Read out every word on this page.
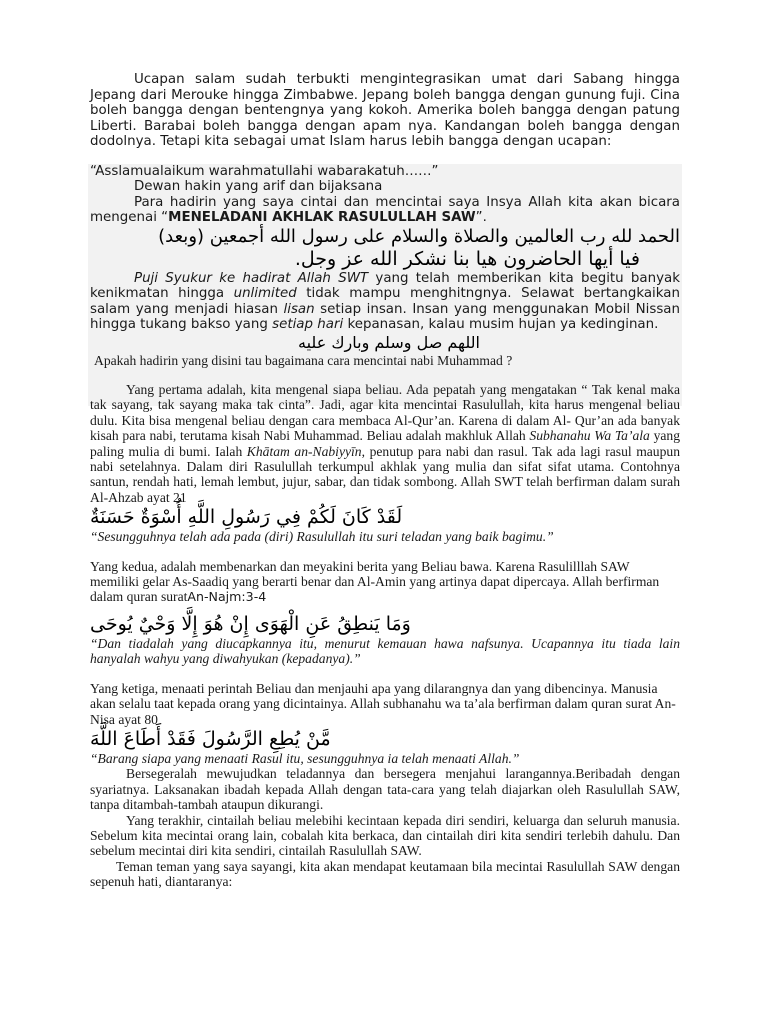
Ucapan salam sudah terbukti mengintegrasikan umat dari Sabang hingga Jepang dari Merouke hingga Zimbabwe. Jepang boleh bangga dengan gunung fuji. Cina boleh bangga dengan bentengnya yang kokoh. Amerika boleh bangga dengan patung Liberti. Barabai boleh bangga dengan apam nya. Kandangan boleh bangga dengan dodolnya. Tetapi kita sebagai umat Islam harus lebih bangga dengan ucapan:

“Asslamualaikum warahmatullahi wabarakatuh……”

Dewan hakin yang arif dan bijaksana

Para hadirin yang saya cintai dan mencintai saya Insya Allah kita akan bicara mengenai “MENELADANI AKHLAK RASULULLAH SAW”.

الحمد لله رب العالمين والصلاة والسلام على رسول الله أجمعين (وبعد)

فيا أيها الحاضرون هيا بنا نشكر الله عز وجل.

Puji Syukur ke hadirat Allah SWT yang telah memberikan kita begitu banyak kenikmatan hingga unlimited tidak mampu menghitngnya. Selawat bertangkaikan salam yang menjadi hiasan lisan setiap insan. Insan yang menggunakan Mobil Nissan hingga tukang bakso yang setiap hari kepanasan, kalau musim hujan ya kedinginan.

اللهم صل وسلم وبارك عليه

Apakah hadirin yang disini tau bagaimana cara mencintai nabi Muhammad ?

Yang pertama adalah, kita mengenal siapa beliau. Ada pepatah yang mengatakan “ Tak kenal maka tak sayang, tak sayang maka tak cinta”. Jadi, agar kita mencintai Rasulullah, kita harus mengenal beliau dulu. Kita bisa mengenal beliau dengan cara membaca Al-Qur’an. Karena di dalam Al- Qur’an ada banyak kisah para nabi, terutama kisah Nabi Muhammad. Beliau adalah makhluk Allah Subhanahu Wa Ta’ala yang paling mulia di bumi. Ialah Khātam an-Nabiyyīn, penutup para nabi dan rasul. Tak ada lagi rasul maupun nabi setelahnya. Dalam diri Rasulullah terkumpul akhlak yang mulia dan sifat sifat utama. Contohnya santun, rendah hati, lemah lembut, jujur, sabar, dan tidak sombong. Allah SWT telah berfirman dalam surah Al-Ahzab ayat 21

لَقَدْ كَانَ لَكُمْ فِي رَسُولِ اللَّهِ أُسْوَةٌ حَسَنَةٌ

“Sesungguhnya telah ada pada (diri) Rasulullah itu suri teladan yang baik bagimu.”

Yang kedua, adalah membenarkan dan meyakini berita yang Beliau bawa. Karena Rasulilllah SAW memiliki gelar As-Saadiq yang berarti benar dan Al-Amin yang artinya dapat dipercaya. Allah berfirman dalam quran suratAn-Najm:3-4

وَمَا يَنطِقُ عَنِ الْهَوَى إِنْ هُوَ إِلَّا وَحْيٌ يُوحَى

“Dan tiadalah yang diucapkannya itu, menurut kemauan hawa nafsunya. Ucapannya itu tiada lain hanyalah wahyu yang diwahyukan (kepadanya).”

Yang ketiga, menaati perintah Beliau dan menjauhi apa yang dilarangnya dan yang dibencinya. Manusia akan selalu taat kepada orang yang dicintainya. Allah subhanahu wa ta’ala berfirman dalam quran surat An-Nisa ayat 80

مَّنْ يُطِعِ الرَّسُولَ فَقَدْ أَطَاعَ اللَّهَ

“Barang siapa yang menaati Rasul itu, sesungguhnya ia telah menaati Allah.”

Bersegeralah mewujudkan teladannya dan bersegera menjahui larangannya.Beribadah dengan syariatnya. Laksanakan ibadah kepada Allah dengan tata-cara yang telah diajarkan oleh Rasulullah SAW, tanpa ditambah-tambah ataupun dikurangi.

Yang terakhir, cintailah beliau melebihi kecintaan kepada diri sendiri, keluarga dan seluruh manusia. Sebelum kita mecintai orang lain, cobalah kita berkaca, dan cintailah diri kita sendiri terlebih dahulu. Dan sebelum mecintai diri kita sendiri, cintailah Rasulullah SAW.

Teman teman yang saya sayangi, kita akan mendapat keutamaan bila mecintai Rasulullah SAW dengan sepenuh hati, diantaranya:
